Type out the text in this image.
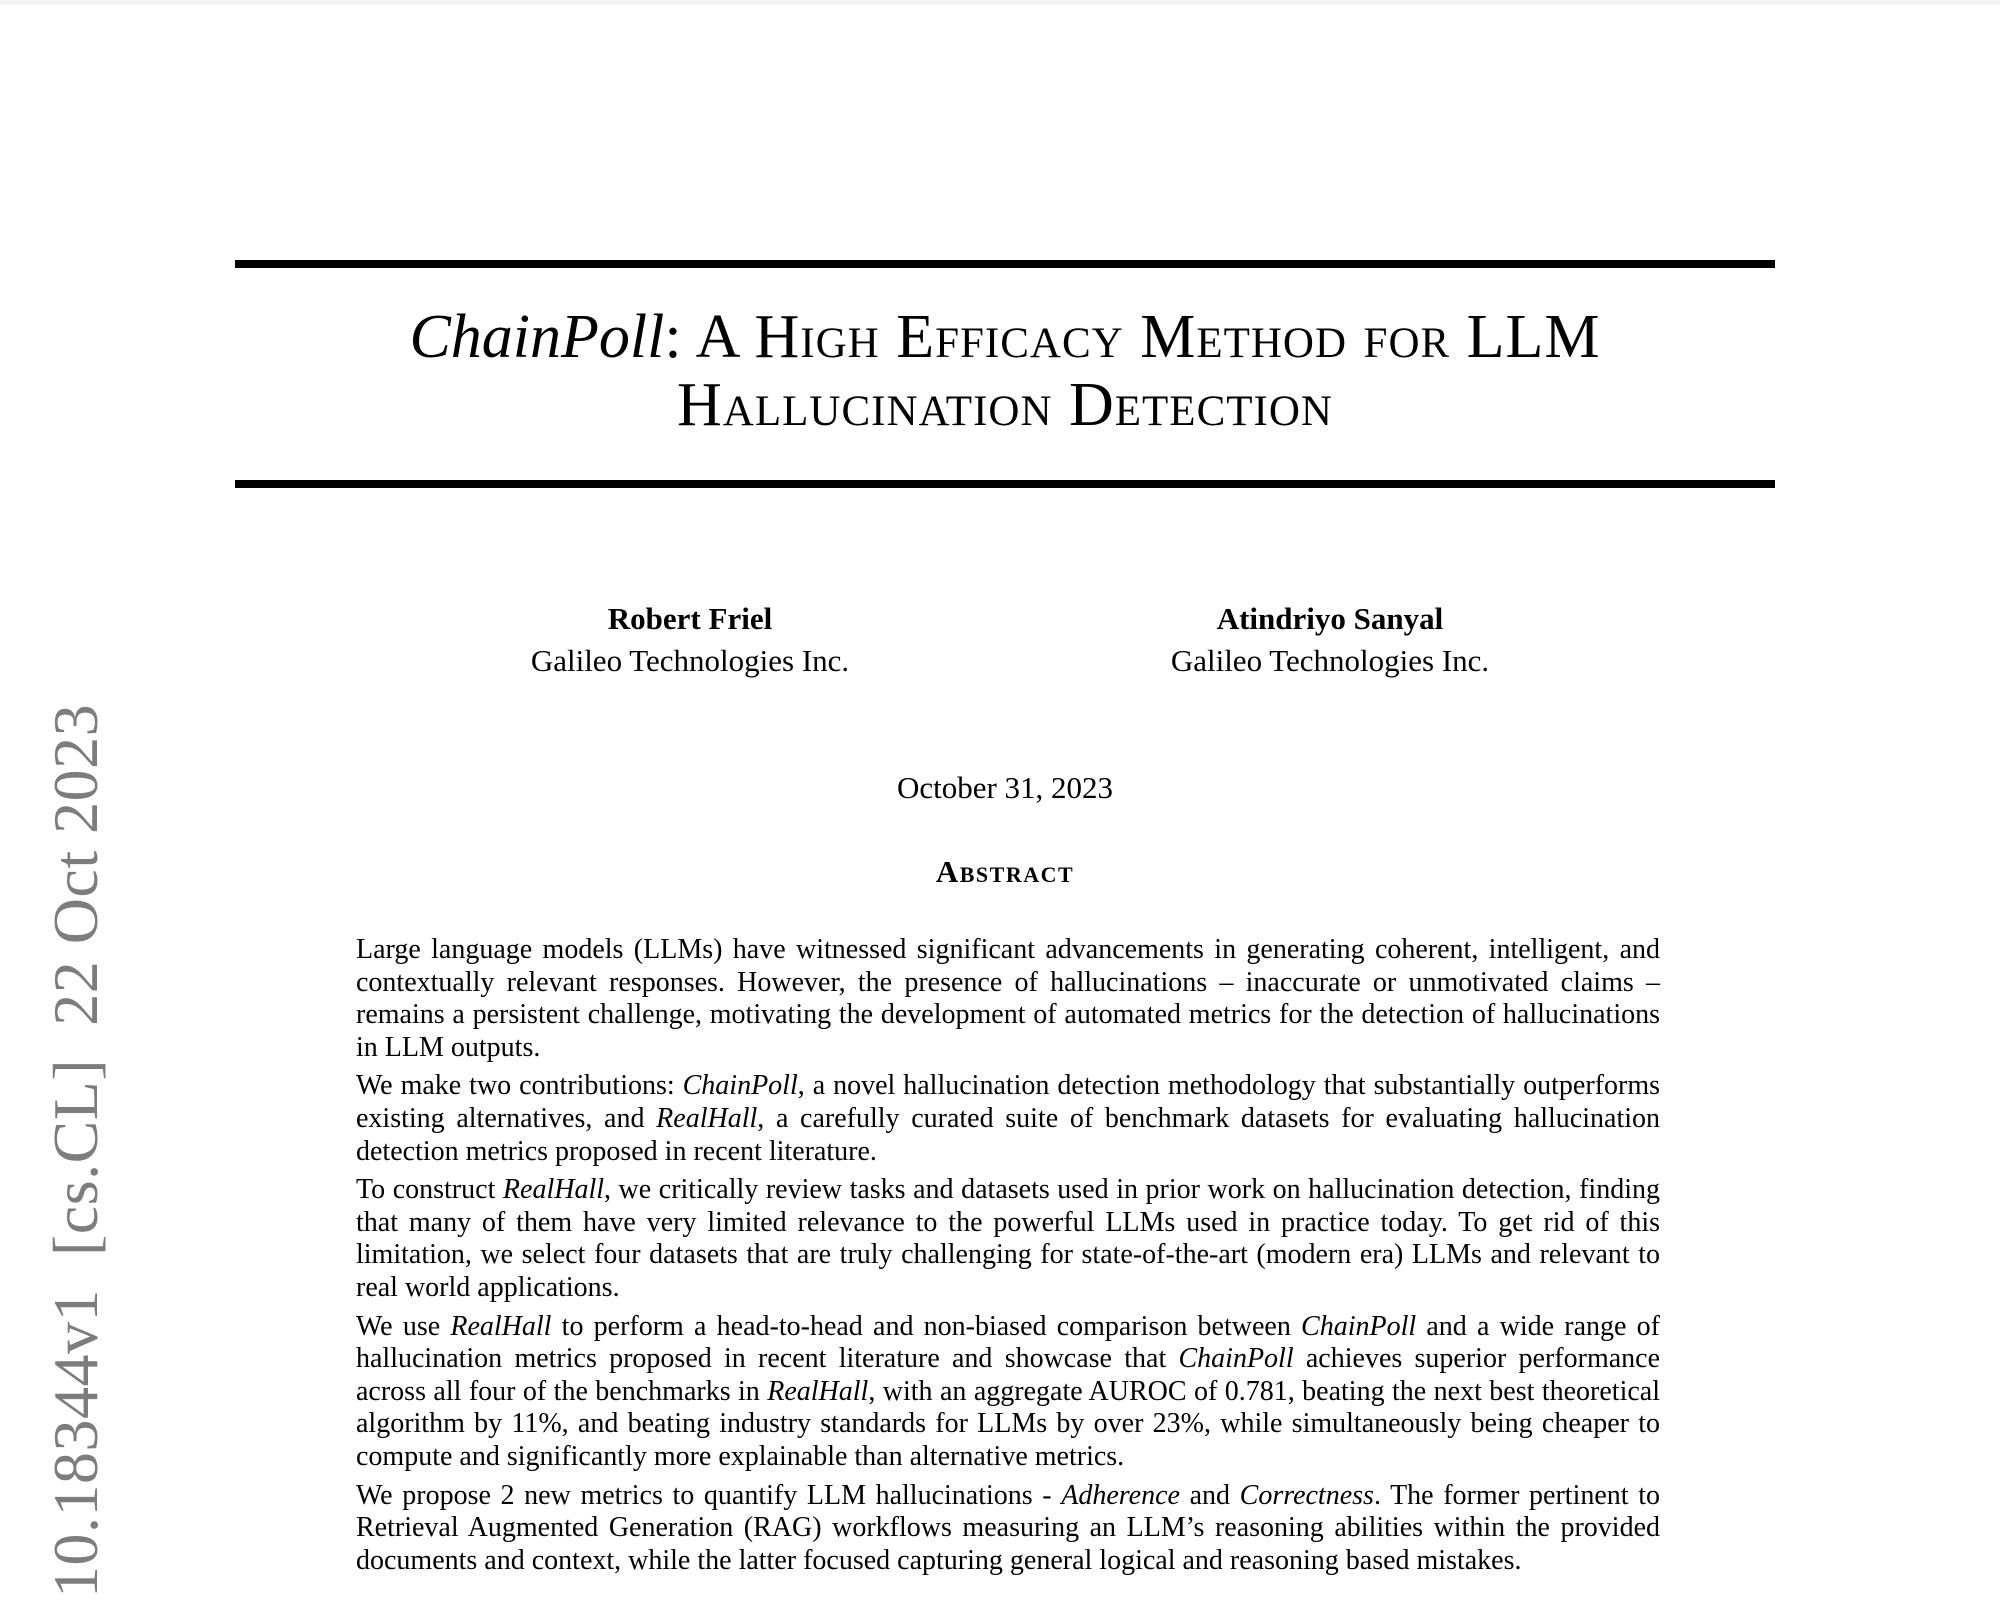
10.18344v1  [cs.CL]  22 Oct 2023
ChainPoll: A High Efficacy Method for LLM
Hallucination Detection
Robert Friel
Galileo Technologies Inc.
Atindriyo Sanyal
Galileo Technologies Inc.
October 31, 2023
Abstract

Large language models (LLMs) have witnessed significant advancements in generating coherent, intelligent, and contextually relevant responses. However, the presence of hallucinations – inaccurate or unmotivated claims – remains a persistent challenge, motivating the development of automated metrics for the detection of hallucinations in LLM outputs.

We make two contributions: ChainPoll, a novel hallucination detection methodology that substantially outperforms existing alternatives, and RealHall, a carefully curated suite of benchmark datasets for evaluating hallucination detection metrics proposed in recent literature.

To construct RealHall, we critically review tasks and datasets used in prior work on hallucination detection, finding that many of them have very limited relevance to the powerful LLMs used in practice today. To get rid of this limitation, we select four datasets that are truly challenging for state-of-the-art (modern era) LLMs and relevant to real world applications.

We use RealHall to perform a head-to-head and non-biased comparison between ChainPoll and a wide range of hallucination metrics proposed in recent literature and showcase that ChainPoll achieves superior performance across all four of the benchmarks in RealHall, with an aggregate AUROC of 0.781, beating the next best theoretical algorithm by 11%, and beating industry standards for LLMs by over 23%, while simultaneously being cheaper to compute and significantly more explainable than alternative metrics.

We propose 2 new metrics to quantify LLM hallucinations - Adherence and Correctness. The former pertinent to Retrieval Augmented Generation (RAG) workflows measuring an LLM’s reasoning abilities within the provided documents and context, while the latter focused capturing general logical and reasoning based mistakes.
